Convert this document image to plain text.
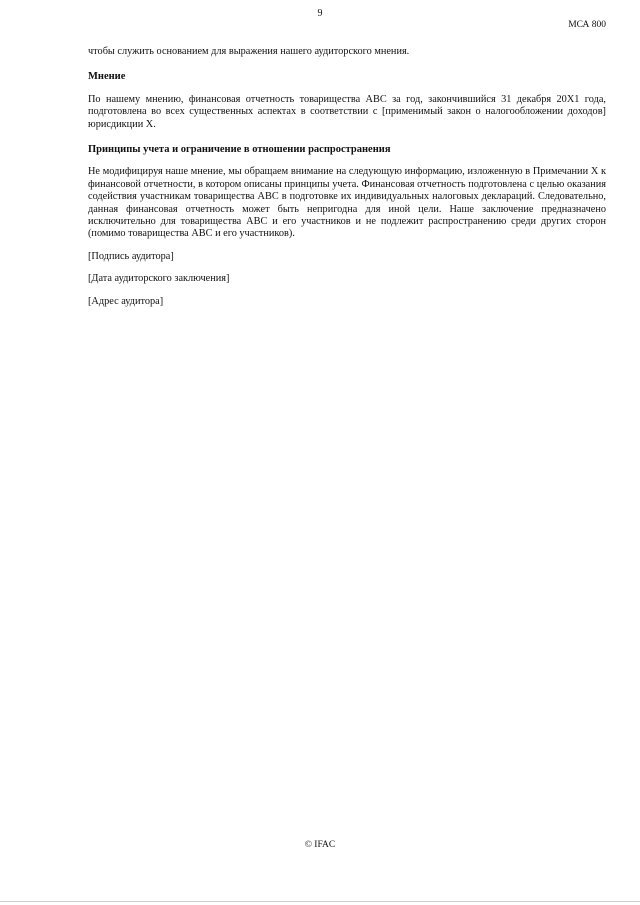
9
МСА 800

чтобы служить основанием для выражения нашего аудиторского мнения.

Мнение

По нашему мнению, финансовая отчетность товарищества ABC за год, закончившийся 31 декабря 20X1 года, подготовлена во всех существенных аспектах в соответствии с [применимый закон о налогообложении доходов] юрисдикции X.

Принципы учета и ограничение в отношении распространения

Не модифицируя наше мнение, мы обращаем внимание на следующую информацию, изложенную в Примечании X к финансовой отчетности, в котором описаны принципы учета. Финансовая отчетность подготовлена с целью оказания содействия участникам товарищества ABC в подготовке их индивидуальных налоговых деклараций. Следовательно, данная финансовая отчетность может быть непригодна для иной цели. Наше заключение предназначено исключительно для товарищества ABC и его участников и не подлежит распространению среди других сторон (помимо товарищества ABC и его участников).

[Подпись аудитора]

[Дата аудиторского заключения]

[Адрес аудитора]

© IFAC
